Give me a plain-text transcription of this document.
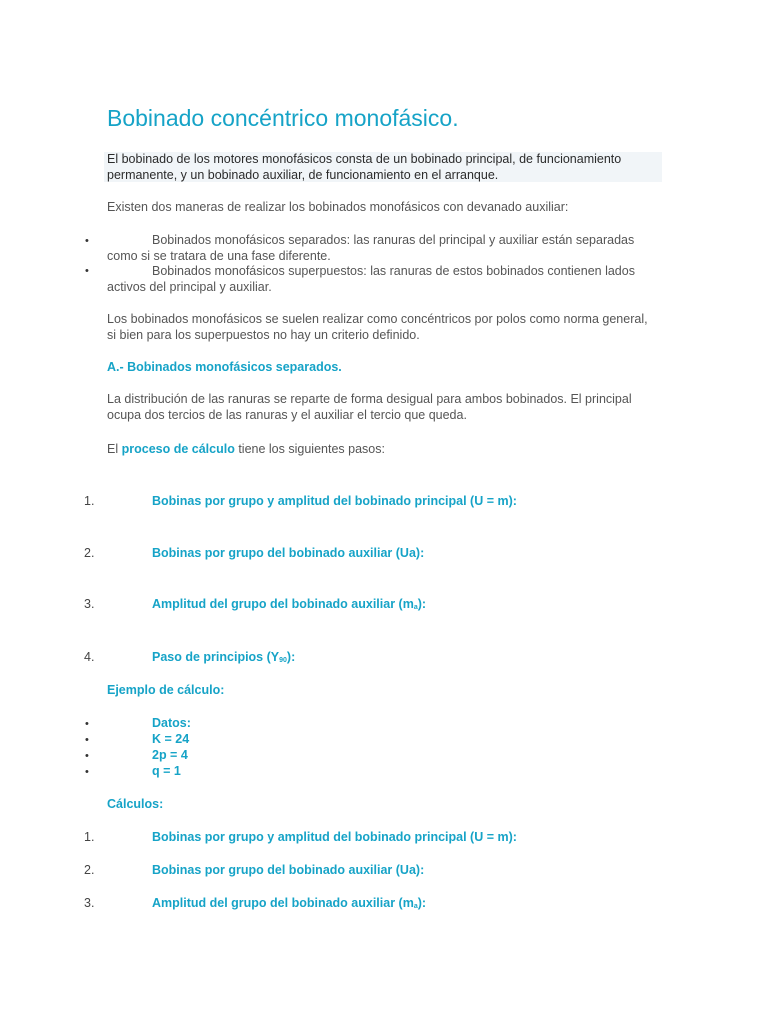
Bobinado concéntrico monofásico.

El bobinado de los motores monofásicos consta de un bobinado principal, de funcionamiento permanente, y un bobinado auxiliar, de funcionamiento en el arranque.

Existen dos maneras de realizar los bobinados monofásicos con devanado auxiliar:

•	Bobinados monofásicos separados: las ranuras del principal y auxiliar están separadas
como si se tratara de una fase diferente.
•	Bobinados monofásicos superpuestos: las ranuras de estos bobinados contienen lados
activos del principal y auxiliar.
Los bobinados monofásicos se suelen realizar como concéntricos por polos como norma general,
si bien para los superpuestos no hay un criterio definido.
A.- Bobinados monofásicos separados.
La distribución de las ranuras se reparte de forma desigual para ambos bobinados. El principal
ocupa dos tercios de las ranuras y el auxiliar el tercio que queda.
El proceso de cálculo tiene los siguientes pasos:
1.	Bobinas por grupo y amplitud del bobinado principal (U = m):
2.	Bobinas por grupo del bobinado auxiliar (Ua):
3.	Amplitud del grupo del bobinado auxiliar $(m_a)$:
4.	Paso de principios $(Y_{90})$:
Ejemplo de cálculo:
•	Datos:
•	K = 24
•	2p = 4
•	q = 1
Cálculos:
1.	Bobinas por grupo y amplitud del bobinado principal (U = m):
2.	Bobinas por grupo del bobinado auxiliar (Ua):
3.	Amplitud del grupo del bobinado auxiliar $(m_a)$:
